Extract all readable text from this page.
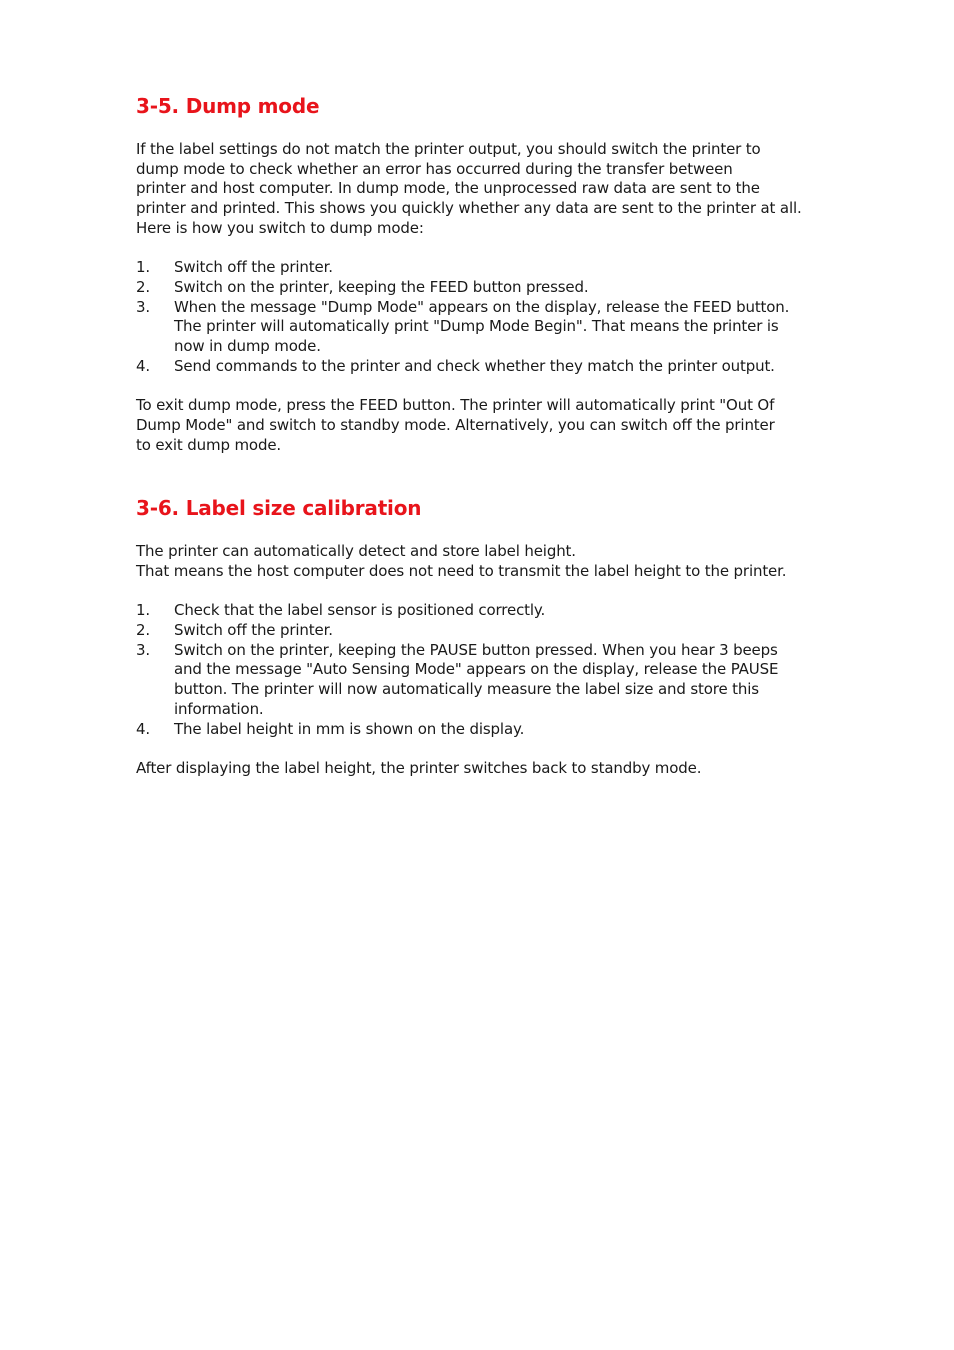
3-5. Dump mode

If the label settings do not match the printer output, you should switch the printer to
dump mode to check whether an error has occurred during the transfer between
printer and host computer. In dump mode, the unprocessed raw data are sent to the
printer and printed. This shows you quickly whether any data are sent to the printer at all.
Here is how you switch to dump mode:

1. Switch off the printer.
2. Switch on the printer, keeping the FEED button pressed.
3. When the message "Dump Mode" appears on the display, release the FEED button.
The printer will automatically print "Dump Mode Begin". That means the printer is
now in dump mode.
4. Send commands to the printer and check whether they match the printer output.

To exit dump mode, press the FEED button. The printer will automatically print "Out Of
Dump Mode" and switch to standby mode. Alternatively, you can switch off the printer
to exit dump mode.

3-6. Label size calibration

The printer can automatically detect and store label height.
That means the host computer does not need to transmit the label height to the printer.

1. Check that the label sensor is positioned correctly.
2. Switch off the printer.
3. Switch on the printer, keeping the PAUSE button pressed. When you hear 3 beeps
and the message "Auto Sensing Mode" appears on the display, release the PAUSE
button. The printer will now automatically measure the label size and store this
information.
4. The label height in mm is shown on the display.

After displaying the label height, the printer switches back to standby mode.
